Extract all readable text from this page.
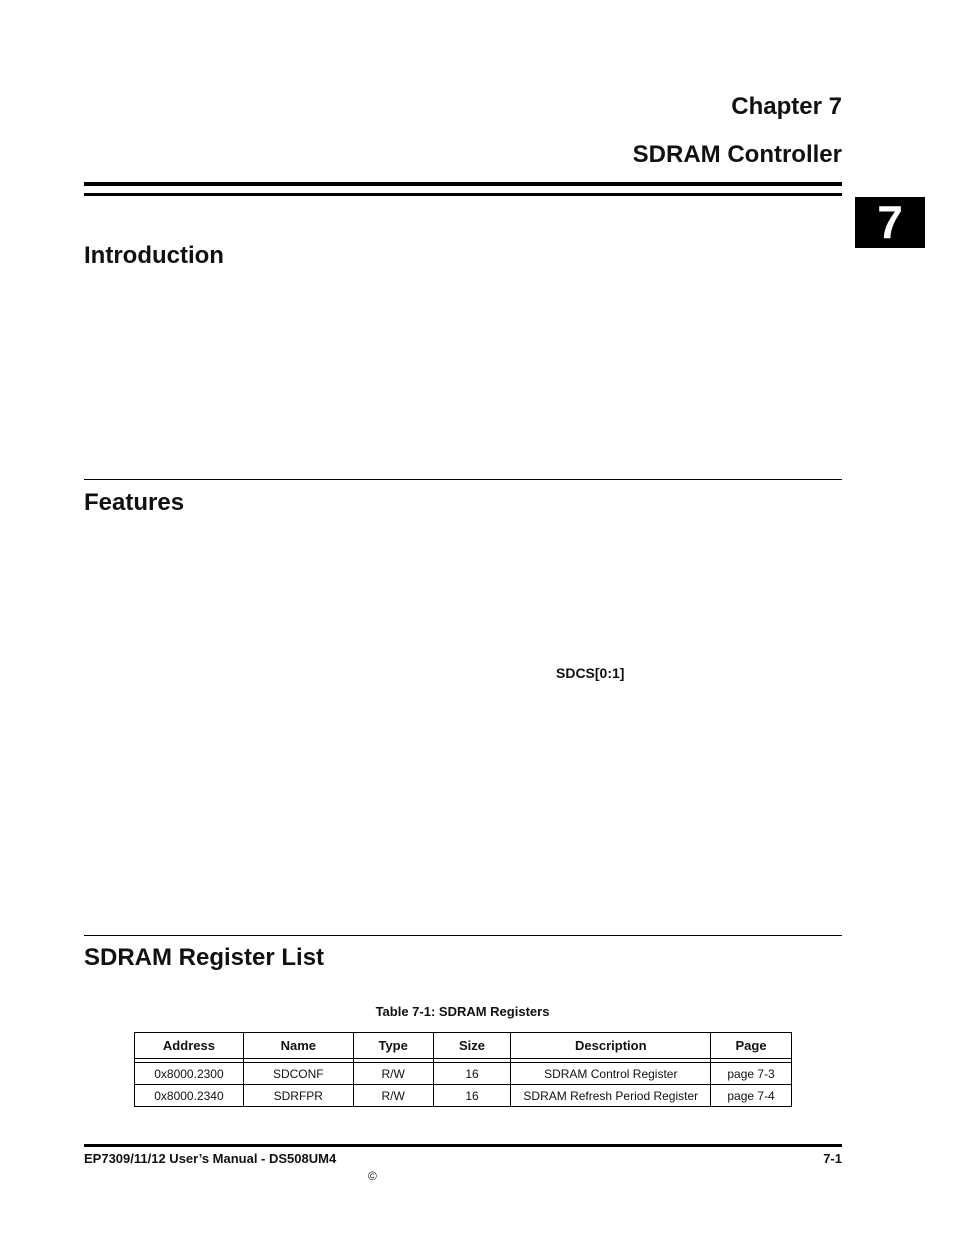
Chapter 7
SDRAM Controller
7
Introduction
Features
SDCS[0:1]
SDRAM Register List
Table 7-1: SDRAM Registers
Address	Name	Type	Size	Description	Page

0x8000.2300	SDCONF	R/W	16	SDRAM Control Register	page 7-3
0x8000.2340	SDRFPR	R/W	16	SDRAM Refresh Period Register	page 7-4
EP7309/11/12 User’s Manual - DS508UM4	7-1
©
